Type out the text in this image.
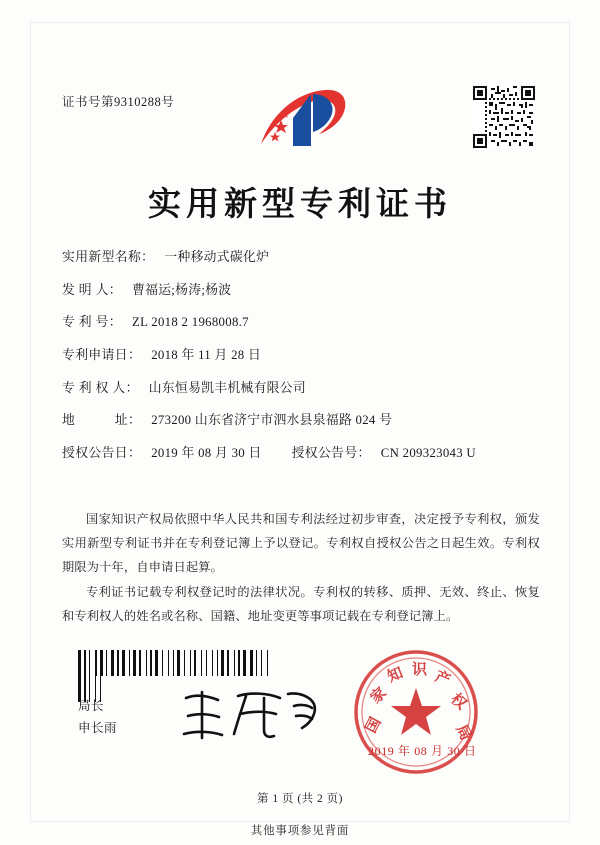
证书号第9310288号
实用新型专利证书
实用新型名称： 一种移动式碳化炉
发 明 人： 曹福运;杨涛;杨波
专 利 号： ZL 2018 2 1968008.7
专利申请日： 2018 年 11 月 28 日
专 利 权 人： 山东恒易凯丰机械有限公司
地　　　址： 273200 山东省济宁市泗水县泉福路 024 号
授权公告日： 2019 年 08 月 30 日	授权公告号： CN 209323043 U

国家知识产权局依照中华人民共和国专利法经过初步审查，决定授予专利权，颁发实用新型专利证书并在专利登记簿上予以登记。专利权自授权公告之日起生效。专利权期限为十年，自申请日起算。

专利证书记载专利权登记时的法律状况。专利权的转移、质押、无效、终止、恢复和专利权人的姓名或名称、国籍、地址变更等事项记载在专利登记簿上。

局长
申长雨	国
家
知 识 产
权
局
2019 年 08 月 30 日
第 1 页 (共 2 页)
其他事项参见背面
